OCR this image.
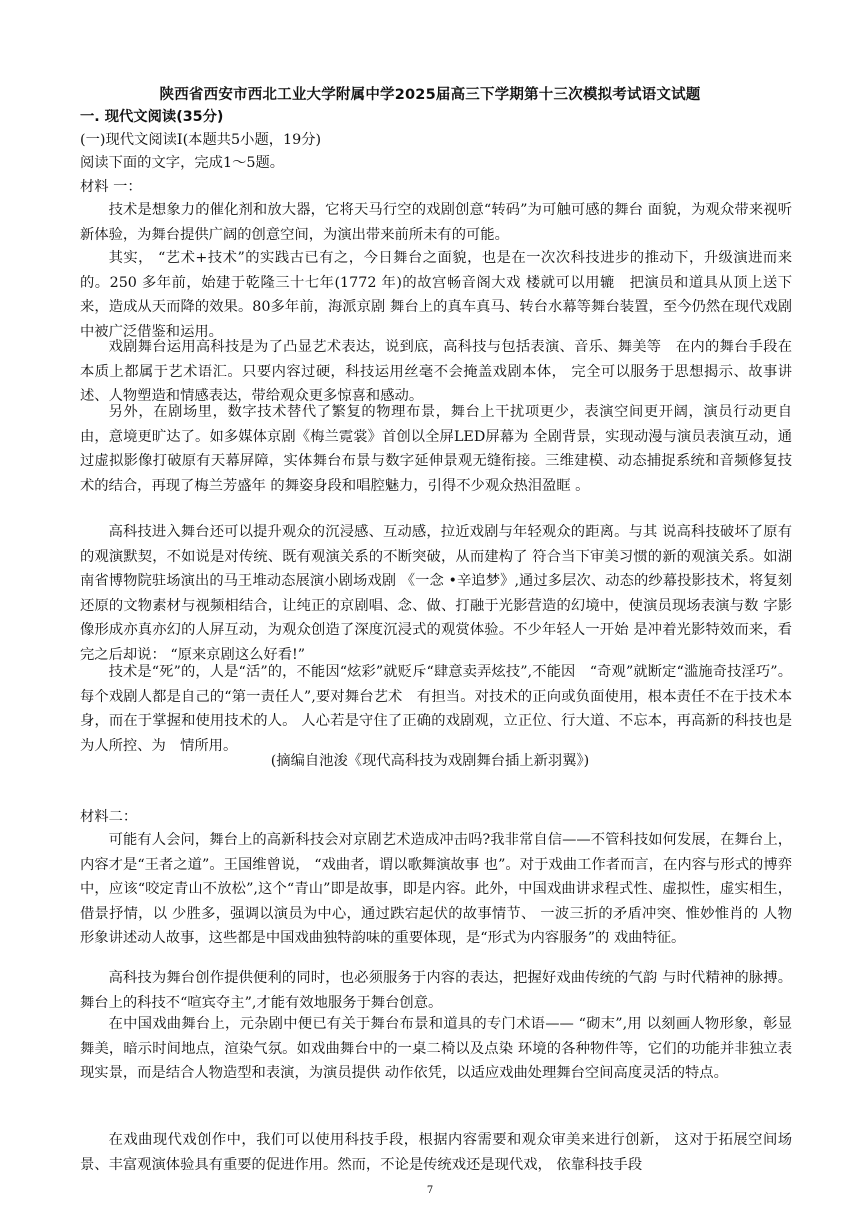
陕西省西安市西北工业大学附属中学2025届高三下学期第十三次模拟考试语文试题
一. 现代文阅读(35分)
(一)现代文阅读Ⅰ(本题共5小题，19分)
阅读下面的文字，完成1～5题。
材料 一：
技术是想象力的催化剂和放大器，它将天马行空的戏剧创意“转码”为可触可感的舞台 面貌，为观众带来视听新体验，为舞台提供广阔的创意空间，为演出带来前所未有的可能。
其实， “艺术+技术”的实践古已有之，今日舞台之面貌，也是在一次次科技进步的推动下，升级演进而来的。250 多年前，始建于乾隆三十七年(1772 年)的故宫畅音阁大戏 楼就可以用辘　把演员和道具从顶上送下来，造成从天而降的效果。80多年前，海派京剧 舞台上的真车真马、转台水幕等舞台装置，至今仍然在现代戏剧中被广泛借鉴和运用。
戏剧舞台运用高科技是为了凸显艺术表达，说到底，高科技与包括表演、音乐、舞美等　在内的舞台手段在本质上都属于艺术语汇。只要内容过硬，科技运用丝毫不会掩盖戏剧本体， 完全可以服务于思想揭示、故事讲述、人物塑造和情感表达，带给观众更多惊喜和感动。
另外，在剧场里，数字技术替代了繁复的物理布景，舞台上干扰项更少，表演空间更开阔，演员行动更自由，意境更旷达了。如多媒体京剧《梅兰霓裳》首创以全屏LED屏幕为 全剧背景，实现动漫与演员表演互动，通过虚拟影像打破原有天幕屏障，实体舞台布景与数字延伸景观无缝衔接。三维建模、动态捕捉系统和音频修复技术的结合，再现了梅兰芳盛年 的舞姿身段和唱腔魅力，引得不少观众热泪盈眶 。
高科技进入舞台还可以提升观众的沉浸感、互动感，拉近戏剧与年轻观众的距离。与其 说高科技破坏了原有的观演默契，不如说是对传统、既有观演关系的不断突破，从而建构了 符合当下审美习惯的新的观演关系。如湖南省博物院驻场演出的马王堆动态展演小剧场戏剧 《一念 •辛追梦》,通过多层次、动态的纱幕投影技术，将复刻还原的文物素材与视频相结合，让纯正的京剧唱、念、做、打融于光影营造的幻境中，使演员现场表演与数 字影像形成亦真亦幻的人屏互动，为观众创造了深度沉浸式的观赏体验。不少年轻人一开始 是冲着光影特效而来，看完之后却说： “原来京剧这么好看!”
技术是“死”的，人是“活”的，不能因“炫彩”就贬斥“肆意卖弄炫技”,不能因　“奇观”就断定“滥施奇技淫巧”。每个戏剧人都是自己的“第一责任人”,要对舞台艺术　有担当。对技术的正向或负面使用，根本责任不在于技术本身，而在于掌握和使用技术的人。 人心若是守住了正确的戏剧观，立正位、行大道、不忘本，再高新的科技也是为人所控、为　情所用。
(摘编自池浚《现代高科技为戏剧舞台插上新羽翼》)
材料二：
可能有人会问，舞台上的高新科技会对京剧艺术造成冲击吗?我非常自信——不管科技如何发展，在舞台上，内容才是“王者之道”。王国维曾说， “戏曲者，谓以歌舞演故事 也”。对于戏曲工作者而言，在内容与形式的博弈中，应该“咬定青山不放松”,这个“青山”即是故事，即是内容。此外，中国戏曲讲求程式性、虚拟性，虚实相生，借景抒情，以 少胜多，强调以演员为中心，通过跌宕起伏的故事情节、 一波三折的矛盾冲突、惟妙惟肖的 人物形象讲述动人故事，这些都是中国戏曲独特韵味的重要体现，是“形式为内容服务”的 戏曲特征。
高科技为舞台创作提供便利的同时，也必须服务于内容的表达，把握好戏曲传统的气韵 与时代精神的脉搏。舞台上的科技不“喧宾夺主”,才能有效地服务于舞台创意。
在中国戏曲舞台上，元杂剧中便已有关于舞台布景和道具的专门术语—— “砌末”,用 以刻画人物形象，彰显舞美，暗示时间地点，渲染气氛。如戏曲舞台中的一桌二椅以及点染 环境的各种物件等，它们的功能并非独立表现实景，而是结合人物造型和表演，为演员提供 动作依凭，以适应戏曲处理舞台空间高度灵活的特点。
在戏曲现代戏创作中，我们可以使用科技手段，根据内容需要和观众审美来进行创新， 这对于拓展空间场景、丰富观演体验具有重要的促进作用。然而，不论是传统戏还是现代戏， 依靠科技手段
7
